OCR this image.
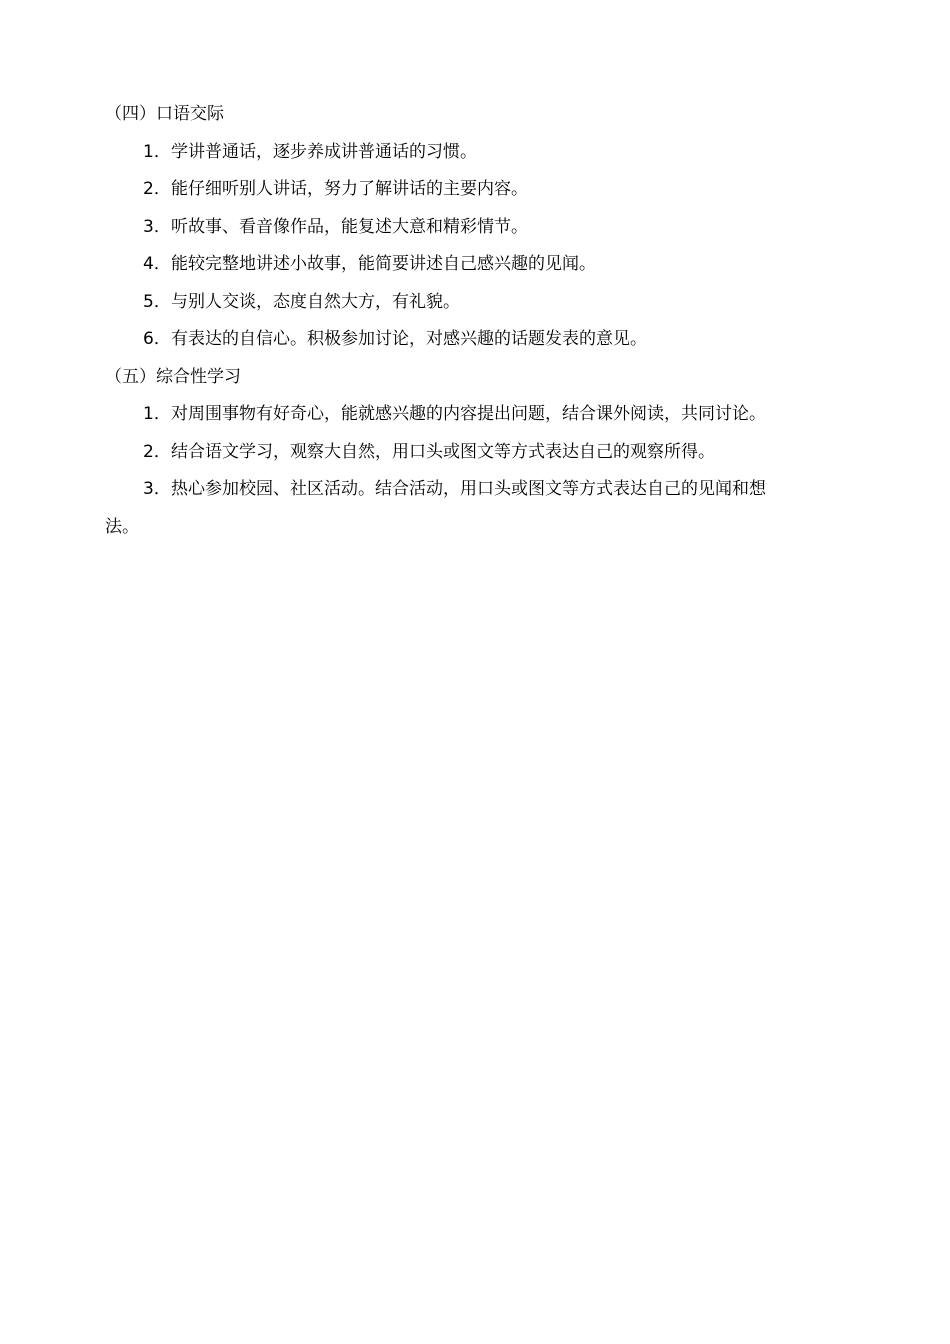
（四）口语交际

1．学讲普通话，逐步养成讲普通话的习惯。

2．能仔细听别人讲话，努力了解讲话的主要内容。

3．听故事、看音像作品，能复述大意和精彩情节。

4．能较完整地讲述小故事，能简要讲述自己感兴趣的见闻。

5．与别人交谈，态度自然大方，有礼貌。

6．有表达的自信心。积极参加讨论，对感兴趣的话题发表的意见。

（五）综合性学习

1．对周围事物有好奇心，能就感兴趣的内容提出问题，结合课外阅读，共同讨论。

2．结合语文学习，观察大自然，用口头或图文等方式表达自己的观察所得。

3．热心参加校园、社区活动。结合活动，用口头或图文等方式表达自己的见闻和想

法。
